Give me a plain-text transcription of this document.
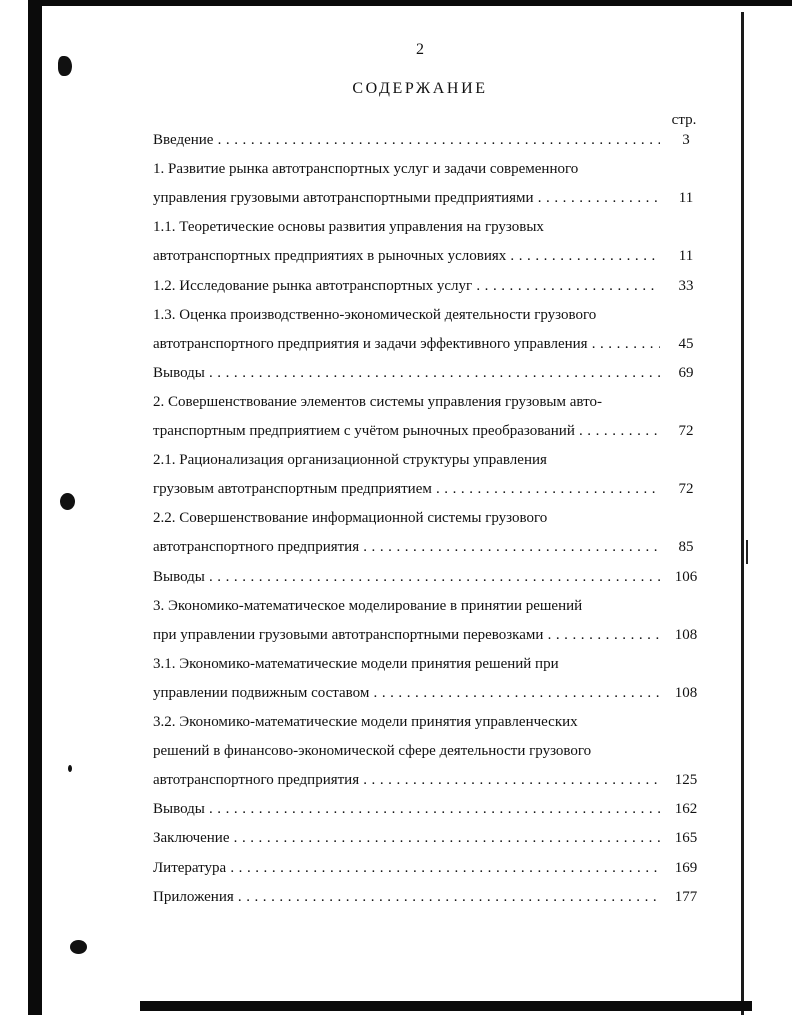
2
СОДЕРЖАНИЕ
стр.
Введение . . .	3
1. Развитие рынка автотранспортных услуг и задачи современного
управления грузовыми автотранспортными предприятиями . . .	11
1.1. Теоретические основы развития управления на грузовых
автотранспортных предприятиях в рыночных условиях . . .	11
1.2. Исследование рынка автотранспортных услуг . . .	33
1.3. Оценка производственно-экономической деятельности грузового
автотранспортного предприятия и задачи эффективного управления . . .	45
Выводы . . .	69
2. Совершенствование элементов системы управления грузовым авто-
транспортным предприятием с учётом рыночных преобразований . . .	72
2.1. Рационализация организационной структуры управления
грузовым автотранспортным предприятием . . .	72
2.2. Совершенствование информационной системы грузового
автотранспортного предприятия . . .	85
Выводы . . .	106
3. Экономико-математическое моделирование в принятии решений
при управлении грузовыми автотранспортными перевозками . . .	108
3.1. Экономико-математические модели принятия решений при
управлении подвижным составом . . .	108
3.2. Экономико-математические модели принятия управленческих
решений в финансово-экономической сфере деятельности грузового
автотранспортного предприятия . . .	125
Выводы . . .	162
Заключение . . .	165
Литература . . .	169
Приложения . . .	177
